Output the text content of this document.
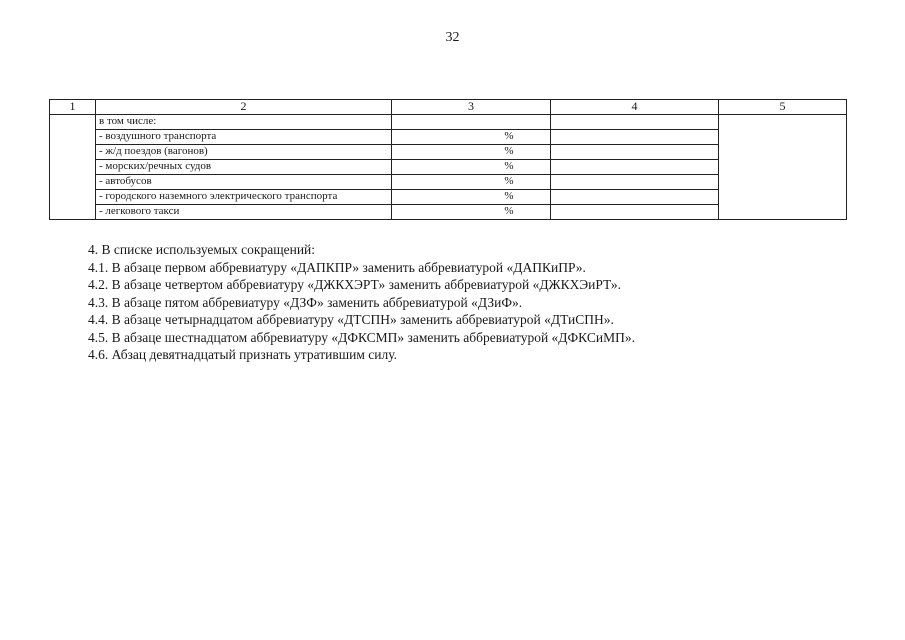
32
1	2	3	4	5
	в том числе:			
	- воздушного транспорта	%		
	- ж/д поездов (вагонов)	%		
	- морских/речных судов	%		
	- автобусов	%		
	- городского наземного электрического транспорта	%		
	- легкового такси	%		

4. В списке используемых сокращений:

4.1. В абзаце первом аббревиатуру «ДАПКПР» заменить аббревиатурой «ДАПКиПР».

4.2. В абзаце четвертом аббревиатуру «ДЖКХЭРТ» заменить аббревиатурой «ДЖКХЭиРТ».

4.3. В абзаце пятом аббревиатуру «ДЗФ» заменить аббревиатурой «ДЗиФ».

4.4. В абзаце четырнадцатом аббревиатуру «ДТСПН» заменить аббревиатурой «ДТиСПН».

4.5. В абзаце шестнадцатом аббревиатуру «ДФКСМП» заменить аббревиатурой «ДФКСиМП».

4.6. Абзац девятнадцатый признать утратившим силу.
